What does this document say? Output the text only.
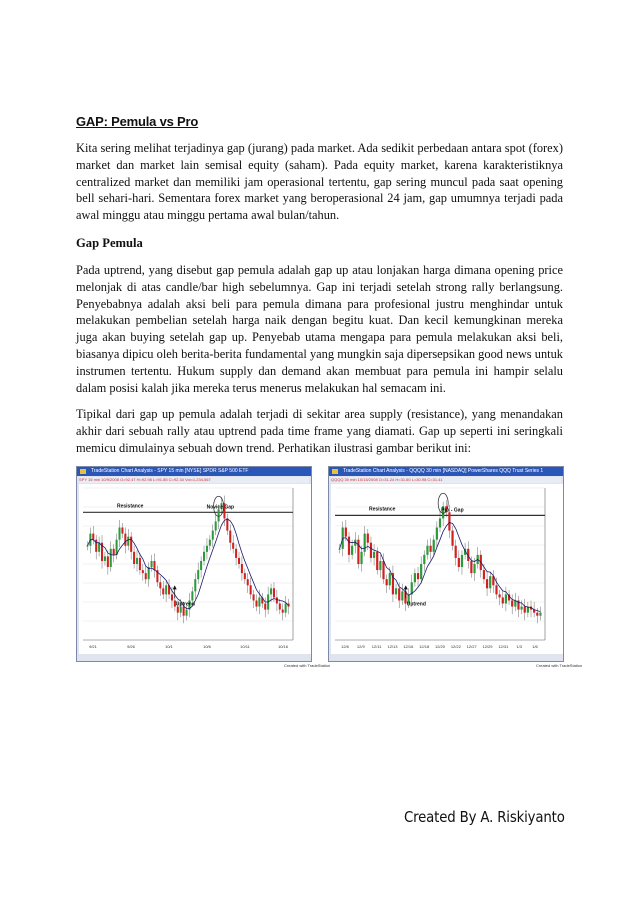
GAP: Pemula vs Pro

Kita sering melihat terjadinya gap (jurang) pada market. Ada sedikit perbedaan antara spot (forex) market dan market lain semisal equity (saham). Pada equity market, karena karakteristiknya centralized market dan memiliki jam operasional tertentu, gap sering muncul pada saat opening bell sehari-hari. Sementara forex market yang beroperasional 24 jam, gap umumnya terjadi pada awal minggu atau minggu pertama awal bulan/tahun.

Gap Pemula

Pada uptrend, yang disebut gap pemula adalah gap up atau lonjakan harga dimana opening price melonjak di atas candle/bar high sebelumnya. Gap ini terjadi setelah strong rally berlangsung. Penyebabnya adalah aksi beli para pemula dimana para profesional justru menghindar untuk melakukan pembelian setelah harga naik dengan begitu kuat. Dan kecil kemungkinan mereka juga akan buying setelah gap up. Penyebab utama mengapa para pemula melakukan aksi beli, biasanya dipicu oleh berita-berita fundamental yang mungkin saja dipersepsikan good news untuk instrumen tertentu. Hukum supply dan demand akan membuat para pemula ini hampir selalu dalam posisi kalah jika mereka terus menerus melakukan hal semacam ini.

Tipikal dari gap up pemula adalah terjadi di sekitar area supply (resistance), yang menandakan akhir dari sebuah rally atau uptrend pada time frame yang diamati. Gap up seperti ini seringkali memicu dimulainya sebuah down trend. Perhatikan ilustrasi gambar berikut ini:

TradeStation Chart Analysis - SPY 15 min [NYSE] SPDR S&P 500 ETF
SPY 15 min 10/9/2008 O=92.47 H=92.98 L=91.85 C=92.34 Vol=1,234,567
Resistance	Novice Gap
Uptrend
9/21	9/26	10/1	10/6	10/11	10/16
Created with TradeStation
TradeStation Chart Analysis - QQQQ 30 min [NASDAQ] PowerShares QQQ Trust Series 1
QQQQ 30 min 10/15/2008 O=31.24 H=31.60 L=30.98 C=31.41
Resistance	Pro - Gap
Uptrend
12/6 12/9 12/11 12/13 12/16 12/18 12/20 12/22 12/27 12/29 12/31 1/3	1/6
Created with TradeStation
Created By A. Riskiyanto
